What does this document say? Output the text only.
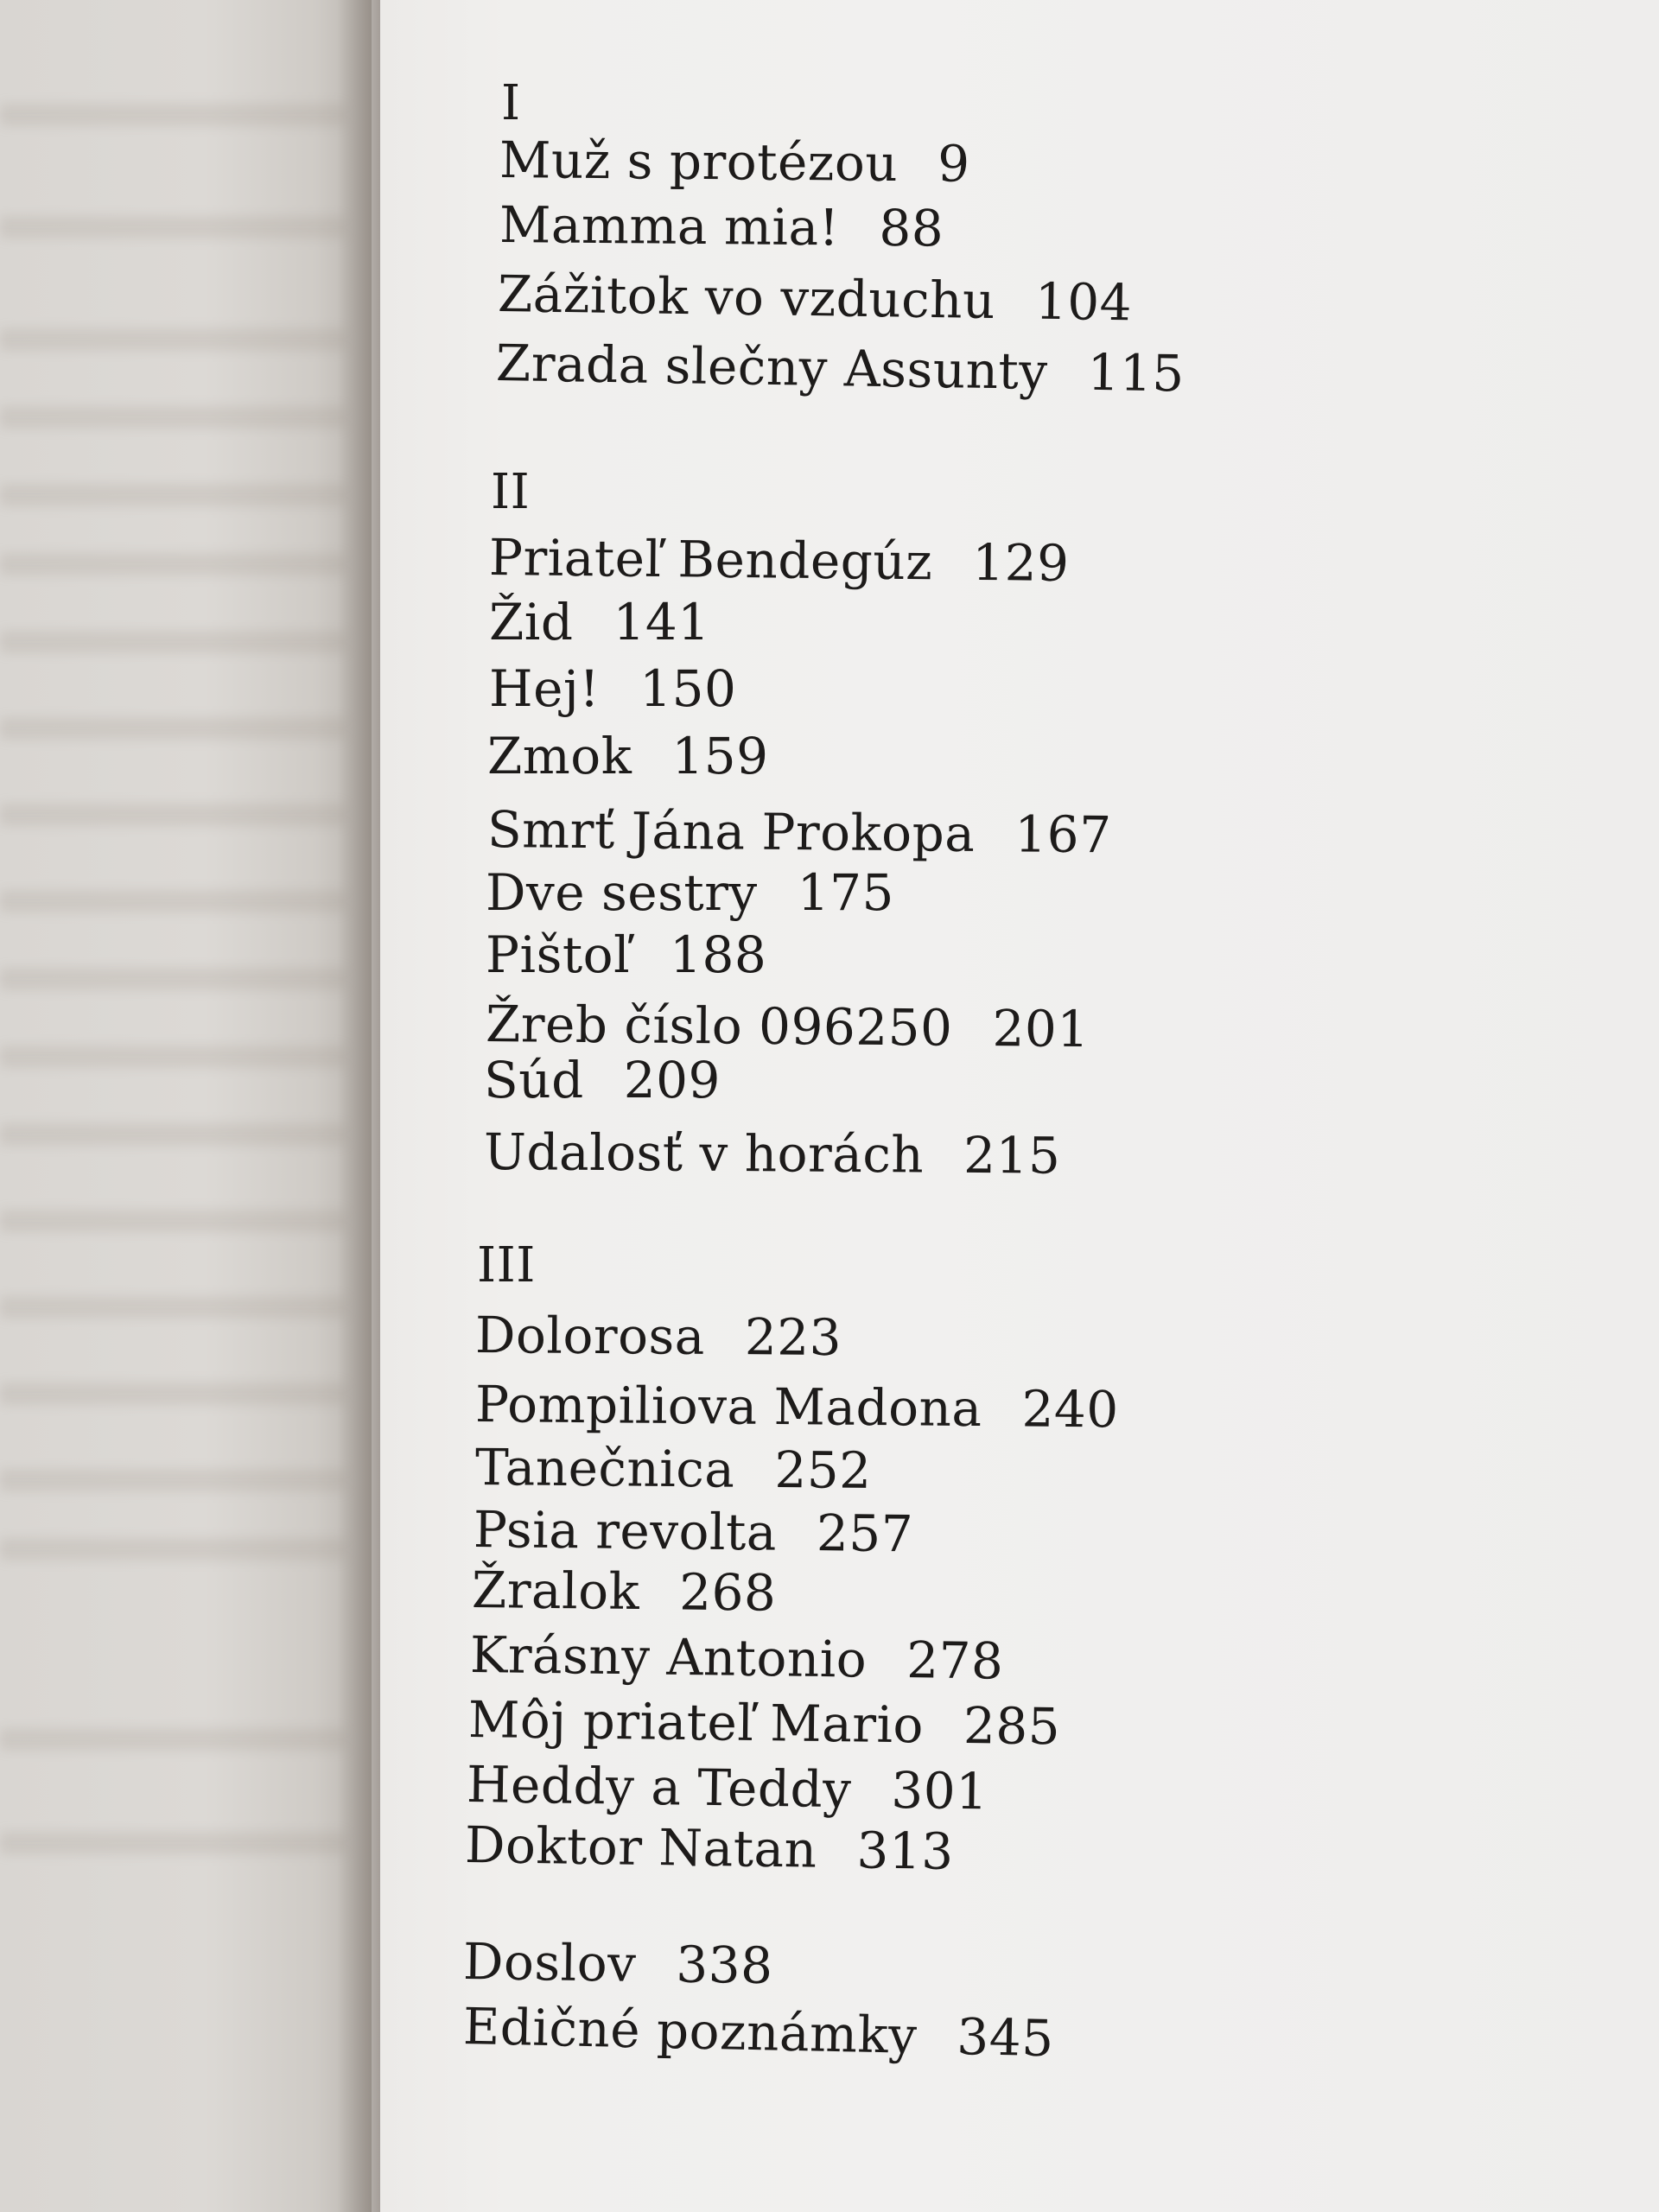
I
Muž s protézou 9
Mamma mia! 88
Zážitok vo vzduchu 104
Zrada slečny Assunty 115
II
Priateľ Bendegúz 129
Žid 141
Hej! 150
Zmok 159
Smrť Jána Prokopa 167
Dve sestry 175
Pištoľ 188
Žreb číslo 096250 201
Súd 209
Udalosť v horách 215
III
Dolorosa 223
Pompiliova Madona 240
Tanečnica 252
Psia revolta 257
Žralok 268
Krásny Antonio 278
Môj priateľ Mario 285
Heddy a Teddy 301
Doktor Natan 313
Doslov 338
Edičné poznámky 345
